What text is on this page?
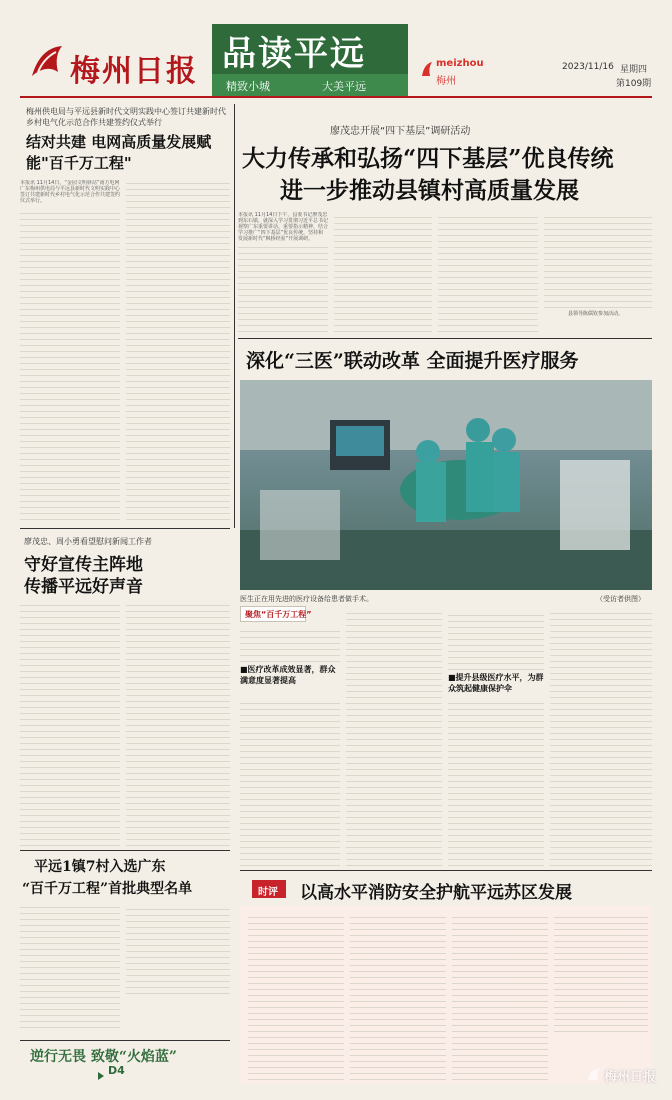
梅州日报 品读平远
精致小城	大美平远
meizhou
梅州
2023/11/16 星期四
第109期
梅州供电局与平远县新时代文明实践中心签订共建新时代乡村电气化示范合作共建签约仪式举行
结对共建 电网高质量发展赋能"百千万工程"
本报讯 11月14日，“金园文明驿站”南方电网广东梅州供电局与平远县新时代文明实践中心签订共建新时代乡村电气化示范合作共建签约仪式举行。
廖茂忠开展“四下基层”调研活动
大力传承和弘扬“四下基层”优良传统
进一步推动县镇村高质量发展
本报讯 11月14日下午，县委书记廖茂忠到东石镇，就深入学习贯彻习近平总书记视察广东重要讲话、重要指示精神，结合学习推广“四下基层”优良传统，坚持和发展新时代“枫桥经验”开展调研。
县领导陈儒钦参加活动。
深化“三医”联动改革 全面提升医疗服务
医生正在用先进的医疗设备给患者做手术。	（受访者供图）
聚焦“百千万工程”
■医疗改革成效显著，群众满意度显著提高	■提升县级医疗水平，为群众筑起健康保护伞
廖茂忠、周小勇看望慰问新闻工作者
守好宣传主阵地
传播平远好声音
平远1镇7村入选广东
“百千万工程”首批典型名单	时评 以高水平消防安全护航平远苏区发展
逆行无畏 致敬“火焰蓝”
D4	梅州日报
